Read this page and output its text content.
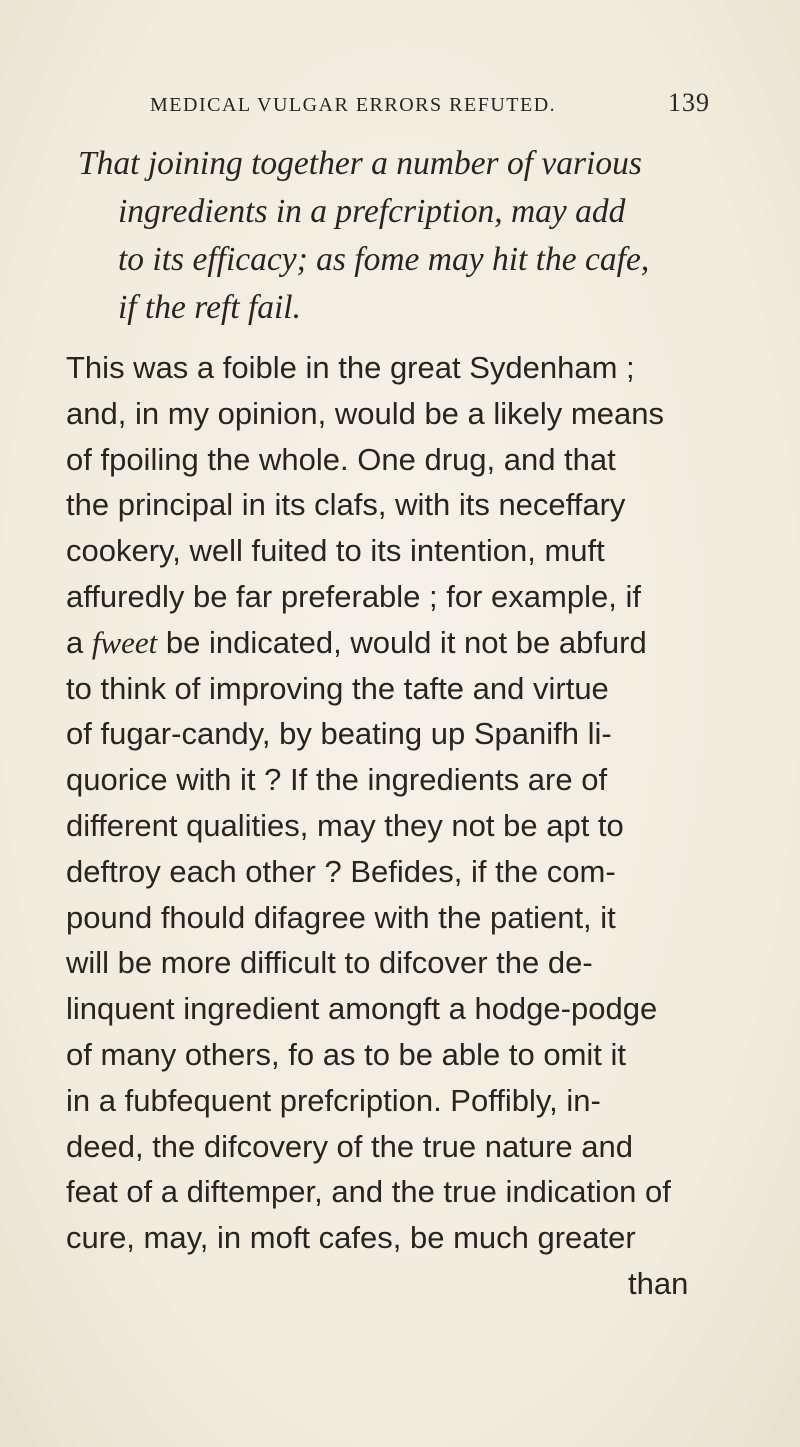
MEDICAL VULGAR ERRORS REFUTED.	139
That joining together a number of various
ingredients in a prefcription, may add
to its efficacy; as fome may hit the cafe,
if the reft fail.
This was a foible in the great Sydenham ;
and, in my opinion, would be a likely means
of fpoiling the whole. One drug, and that
the principal in its clafs, with its neceffary
cookery, well fuited to its intention, muft
affuredly be far preferable ; for example, if
a fweet be indicated, would it not be abfurd
to think of improving the tafte and virtue
of fugar-candy, by beating up Spanifh li-
quorice with it ? If the ingredients are of
different qualities, may they not be apt to
deftroy each other ? Befides, if the com-
pound fhould difagree with the patient, it
will be more difficult to difcover the de-
linquent ingredient amongft a hodge-podge
of many others, fo as to be able to omit it
in a fubfequent prefcription. Poffibly, in-
deed, the difcovery of the true nature and
feat of a diftemper, and the true indication of
cure, may, in moft cafes, be much greater
than
